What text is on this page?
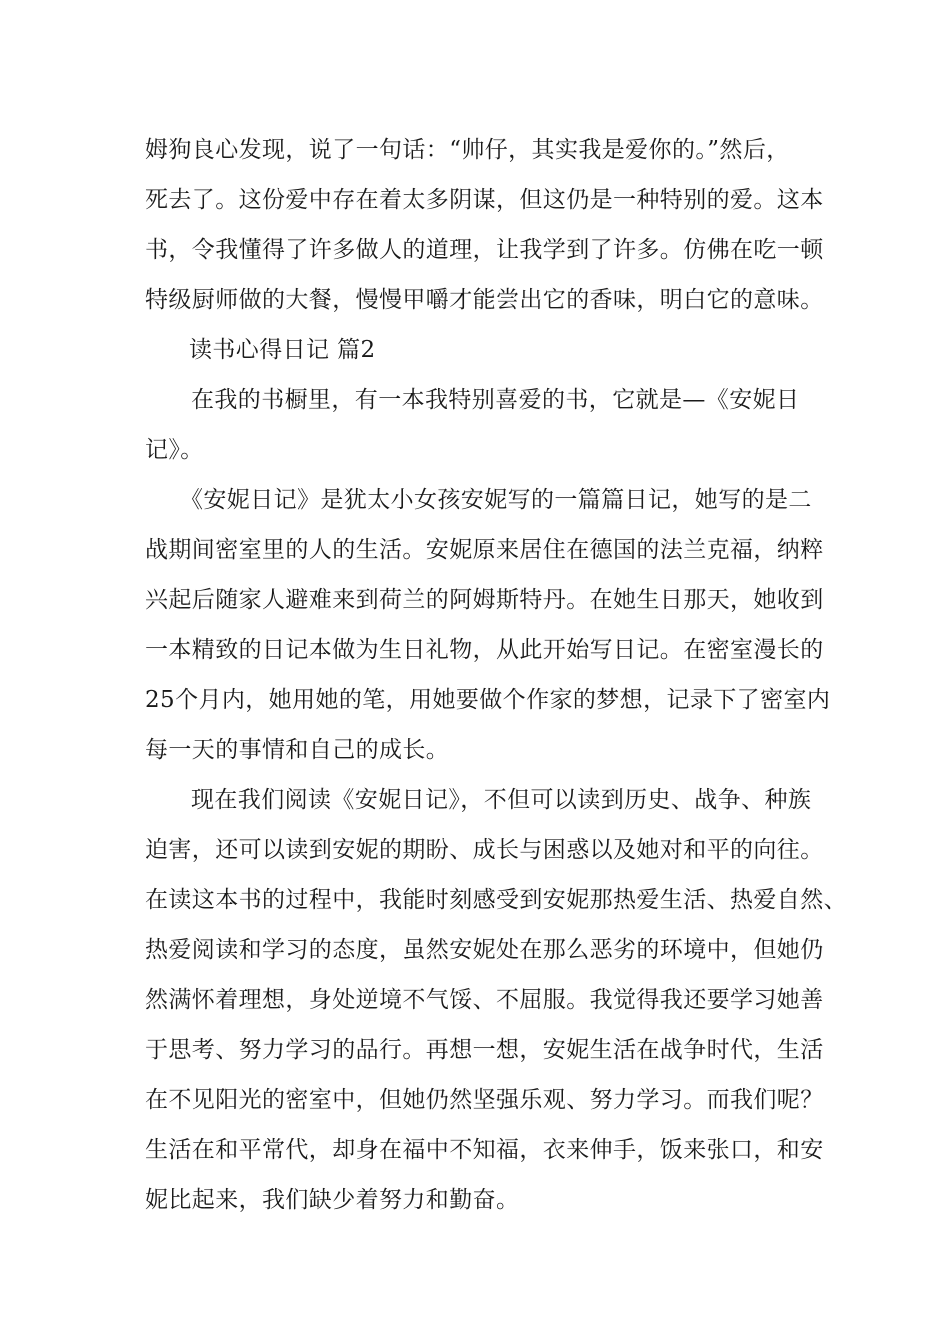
姆狗良心发现，说了一句话：“帅仔，其实我是爱你的。”然后，
死去了。这份爱中存在着太多阴谋，但这仍是一种特别的爱。这本
书，令我懂得了许多做人的道理，让我学到了许多。仿佛在吃一顿
特级厨师做的大餐，慢慢甲嚼才能尝出它的香味，明白它的意味。
读书心得日记 篇2
在我的书橱里，有一本我特别喜爱的书，它就是—《安妮日
记》。
《安妮日记》是犹太小女孩安妮写的一篇篇日记，她写的是二
战期间密室里的人的生活。安妮原来居住在德国的法兰克福，纳粹
兴起后随家人避难来到荷兰的阿姆斯特丹。在她生日那天，她收到
一本精致的日记本做为生日礼物，从此开始写日记。在密室漫长的
25个月内，她用她的笔，用她要做个作家的梦想，记录下了密室内
每一天的事情和自己的成长。
现在我们阅读《安妮日记》，不但可以读到历史、战争、种族
迫害，还可以读到安妮的期盼、成长与困惑以及她对和平的向往。
在读这本书的过程中，我能时刻感受到安妮那热爱生活、热爱自然、
热爱阅读和学习的态度，虽然安妮处在那么恶劣的环境中，但她仍
然满怀着理想，身处逆境不气馁、不屈服。我觉得我还要学习她善
于思考、努力学习的品行。再想一想，安妮生活在战争时代，生活
在不见阳光的密室中，但她仍然坚强乐观、努力学习。而我们呢？
生活在和平常代，却身在福中不知福，衣来伸手，饭来张口，和安
妮比起来，我们缺少着努力和勤奋。
